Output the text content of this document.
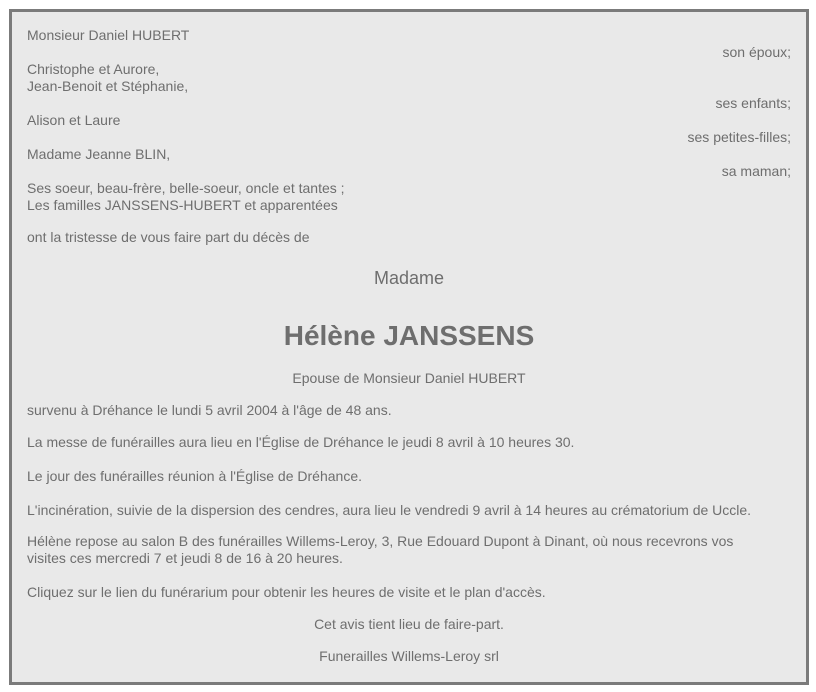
Monsieur Daniel HUBERT
son époux;
Christophe et Aurore,
Jean-Benoit et Stéphanie,
ses enfants;
Alison et Laure
ses petites-filles;
Madame Jeanne BLIN,
sa maman;
Ses soeur, beau-frère, belle-soeur, oncle et tantes ;
Les familles JANSSENS-HUBERT et apparentées
ont la tristesse de vous faire part du décès de
Madame
Hélène JANSSENS
Epouse de Monsieur Daniel HUBERT
survenu à Dréhance le lundi 5 avril 2004 à l'âge de 48 ans.
La messe de funérailles aura lieu en l'Église de Dréhance le jeudi 8 avril à 10 heures 30.
Le jour des funérailles réunion à l'Église de Dréhance.
L'incinération, suivie de la dispersion des cendres, aura lieu le vendredi 9 avril à 14 heures au crématorium de Uccle.
Hélène repose au salon B des funérailles Willems-Leroy, 3, Rue Edouard Dupont à Dinant, où nous recevrons vos
visites ces mercredi 7 et jeudi 8 de 16 à 20 heures.
Cliquez sur le lien du funérarium pour obtenir les heures de visite et le plan d'accès.
Cet avis tient lieu de faire-part.
Funerailles Willems-Leroy srl
